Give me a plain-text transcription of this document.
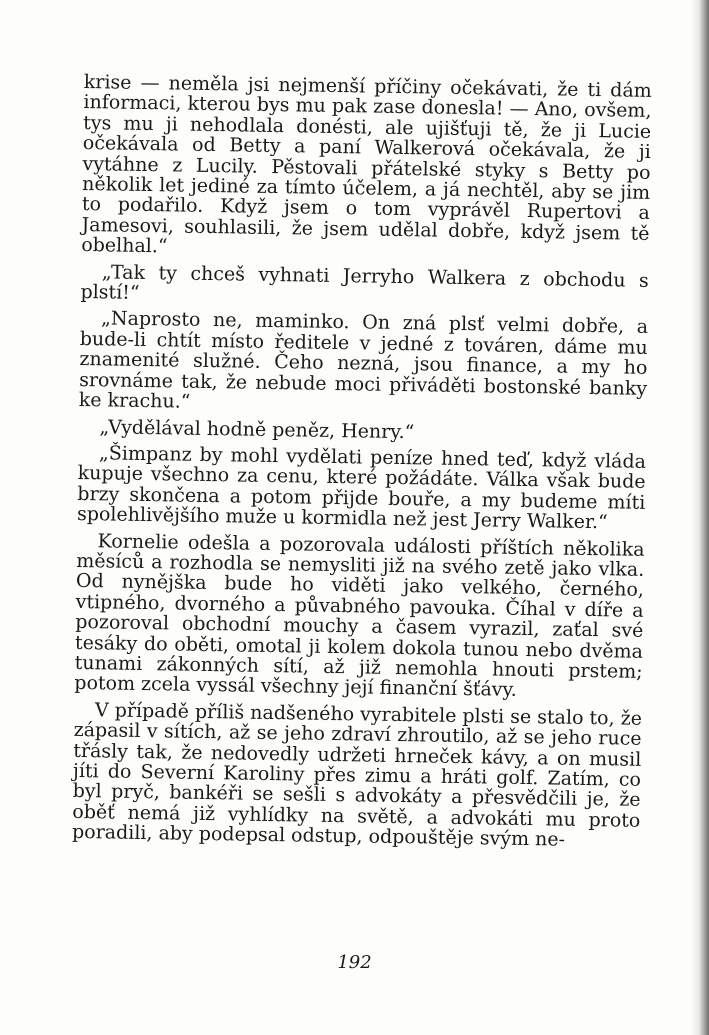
krise — neměla jsi nejmenší příčiny očekávati, že ti dám informaci, kterou bys mu pak zase donesla! — Ano, ovšem, tys mu ji nehodlala donésti, ale ujišťuji tě, že ji Lucie očekávala od Betty a paní Walkerová očekávala, že ji vytáhne z Lucily. Pěstovali přátelské styky s Betty po několik let jediné za tímto účelem, a já nechtěl, aby se jim to podařilo. Když jsem o tom vyprávěl Rupertovi a Jamesovi, souhlasili, že jsem udělal dobře, když jsem tě obelhal.“

„Tak ty chceš vyhnati Jerryho Walkera z obchodu s plstí!“

„Naprosto ne, maminko. On zná plsť velmi dobře, a bude-li chtít místo ředitele v jedné z továren, dáme mu znamenité služné. Čeho nezná, jsou finance, a my ho srovnáme tak, že nebude moci přiváděti bostonské banky ke krachu.“

„Vydělával hodně peněz, Henry.“

„Šimpanz by mohl vydělati peníze hned teď, když vláda kupuje všechno za cenu, které požádáte. Válka však bude brzy skončena a potom přijde bouře, a my budeme míti spolehlivějšího muže u kormidla než jest Jerry Walker.“

Kornelie odešla a pozorovala události příštích několika měsíců a rozhodla se nemysliti již na svého zetě jako vlka. Od nynějška bude ho viděti jako velkého, černého, vtipného, dvorného a půvabného pavouka. Číhal v díře a pozoroval obchodní mouchy a časem vyrazil, zaťal své tesáky do oběti, omotal ji kolem dokola tunou nebo dvěma tunami zákonných sítí, až již nemohla hnouti prstem; potom zcela vyssál všechny její finanční šťávy.

V případě příliš nadšeného vyrabitele plsti se stalo to, že zápasil v sítích, až se jeho zdraví zhroutilo, až se jeho ruce třásly tak, že nedovedly udržeti hrneček kávy, a on musil jíti do Severní Karoliny přes zimu a hráti golf. Zatím, co byl pryč, bankéři se sešli s advokáty a přesvědčili je, že oběť nemá již vyhlídky na světě, a advokáti mu proto poradili, aby podepsal odstup, odpouštěje svým ne-

192
